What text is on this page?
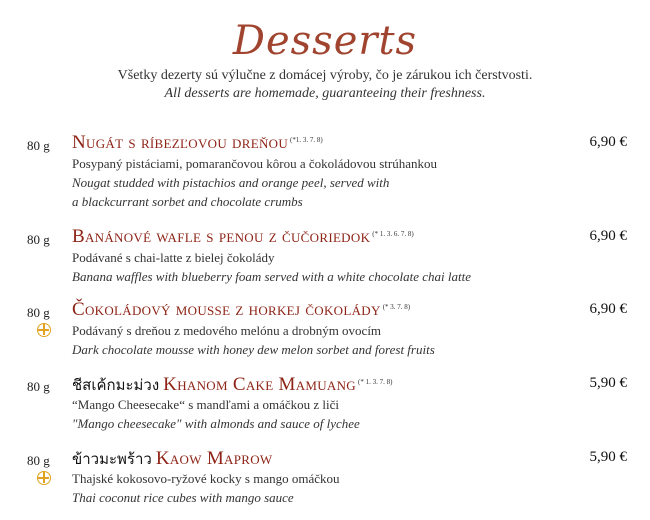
Desserts
Všetky dezerty sú výlučne z domácej výroby, čo je zárukou ich čerstvosti.
All desserts are homemade, guaranteeing their freshness.
80 g Nugát s ríbezľovou dreňou $^{(*1. 3. 7. 8)}$	6,90 €
Posypaný pistáciami, pomarančovou kôrou a čokoládovou strúhankou
Nougat studded with pistachios and orange peel, served with
a blackcurrant sorbet and chocolate crumbs
80 g Banánové wafle s penou z čučoriedok $^{(* 1. 3. 6. 7. 8)}$	6,90 €
Podávané s chai-latte z bielej čokolády
Banana waffles with blueberry foam served with a white chocolate chai latte
80 g Čokoládový mousse z horkej čokolády $^{(* 3. 7. 8)}$	6,90 €
Podávaný s dreňou z medového melónu a drobným ovocím
Dark chocolate mousse with honey dew melon sorbet and forest fruits
80 g ชีสเค้กมะม่วง Khanom Cake Mamuang $^{(* 1. 3. 7. 8)}$	5,90 €
“Mango Cheesecake“ s mandľami a omáčkou z liči
"Mango cheesecake" with almonds and sauce of lychee
80 g ข้าวมะพร้าว Kaow Maprow	5,90 €
Thajské kokosovo-ryžové kocky s mango omáčkou
Thai coconut rice cubes with mango sauce
